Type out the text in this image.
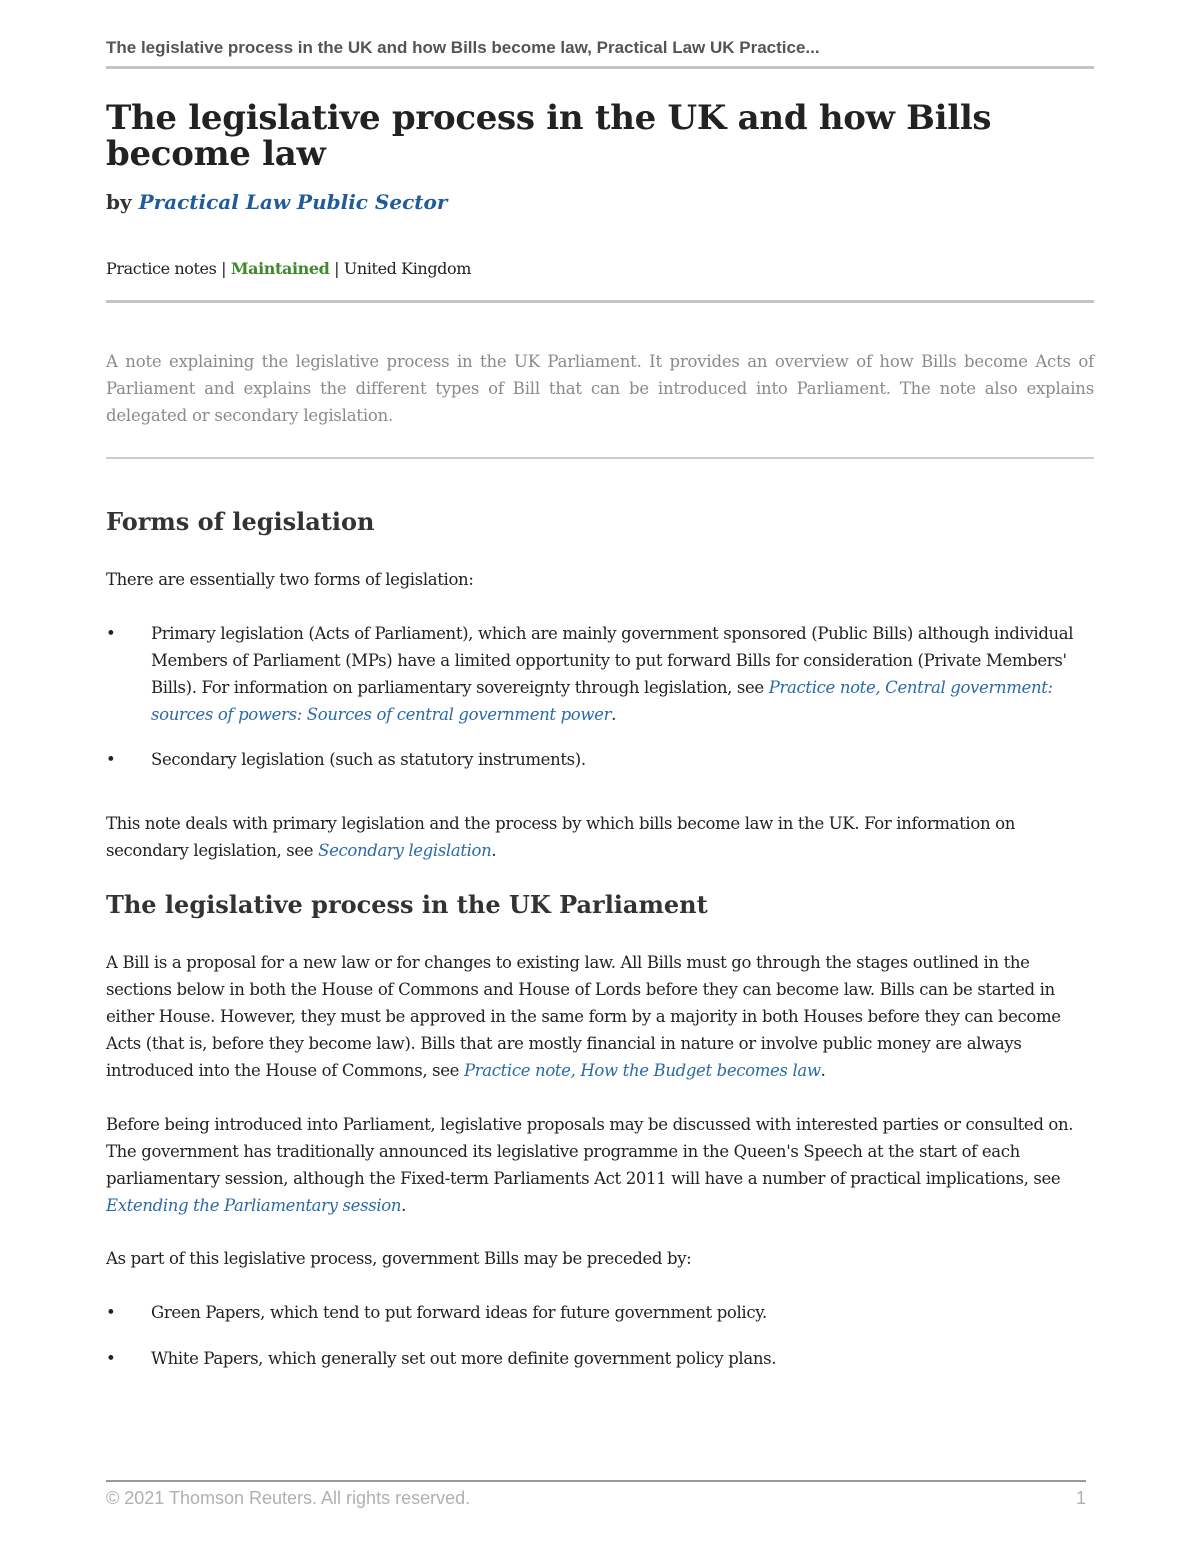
The legislative process in the UK and how Bills become law, Practical Law UK Practice...
The legislative process in the UK and how Bills become law
by Practical Law Public Sector
Practice notes | Maintained | United Kingdom

A note explaining the legislative process in the UK Parliament. It provides an overview of how Bills become Acts of Parliament and explains the different types of Bill that can be introduced into Parliament. The note also explains delegated or secondary legislation.

Forms of legislation

There are essentially two forms of legislation:

•	Primary legislation (Acts of Parliament), which are mainly government sponsored (Public Bills) although individual Members of Parliament (MPs) have a limited opportunity to put forward Bills for consideration (Private Members' Bills). For information on parliamentary sovereignty through legislation, see Practice note, Central government: sources of powers: Sources of central government power.
•	Secondary legislation (such as statutory instruments).

This note deals with primary legislation and the process by which bills become law in the UK. For information on secondary legislation, see Secondary legislation.

The legislative process in the UK Parliament

A Bill is a proposal for a new law or for changes to existing law. All Bills must go through the stages outlined in the sections below in both the House of Commons and House of Lords before they can become law. Bills can be started in either House. However, they must be approved in the same form by a majority in both Houses before they can become Acts (that is, before they become law). Bills that are mostly financial in nature or involve public money are always introduced into the House of Commons, see Practice note, How the Budget becomes law.

Before being introduced into Parliament, legislative proposals may be discussed with interested parties or consulted on. The government has traditionally announced its legislative programme in the Queen's Speech at the start of each parliamentary session, although the Fixed-term Parliaments Act 2011 will have a number of practical implications, see Extending the Parliamentary session.

As part of this legislative process, government Bills may be preceded by:

•	Green Papers, which tend to put forward ideas for future government policy.
•	White Papers, which generally set out more definite government policy plans.
© 2021 Thomson Reuters. All rights reserved.	1
